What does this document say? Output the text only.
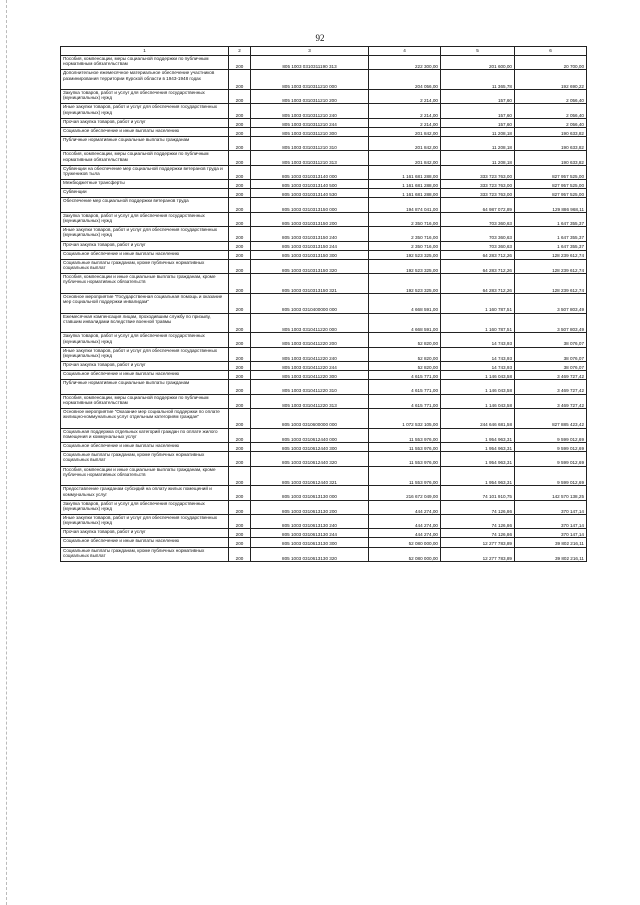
92
1	2	3	4	5	6
Пособия, компенсации, меры социальной поддержки по публичным нормативным обязательствам	200	805 1003 0310311190 313	222 300,00	201 600,00	20 700,00
Дополнительное ежемесячное материальное обеспечение участников разминирования территории Курской области в 1943-1948 годах	200	805 1003 0310311210 000	204 056,00	11 365,78	192 690,22
Закупка товаров, работ и услуг для обеспечения государственных (муниципальных) нужд	200	805 1003 0310311210 200	2 214,00	157,60	2 056,40
Иные закупки товаров, работ и услуг для обеспечения государственных (муниципальных) нужд	200	805 1003 0310311210 240	2 214,00	157,60	2 056,40
Прочая закупка товаров, работ и услуг	200	805 1003 0310311210 244	2 214,00	157,60	2 056,40
Социальное обеспечение и иные выплаты населению	200	805 1003 0310311210 300	201 842,00	11 208,18	190 633,82
Публичные нормативные социальные выплаты гражданам	200	805 1003 0310311210 310	201 842,00	11 208,18	190 633,82
Пособия, компенсации, меры социальной поддержки по публичным нормативным обязательствам	200	805 1003 0310311210 313	201 842,00	11 208,18	190 633,82
Субвенции на обеспечение мер социальной поддержки ветеранов труда и тружеников тыла	200	805 1003 0310313140 000	1 161 681 288,00	333 723 763,00	827 957 525,00
Межбюджетные трансферты	200	805 1003 0310313140 500	1 161 681 288,00	333 723 763,00	827 957 525,00
Субвенции	200	805 1003 0310313140 530	1 161 681 288,00	333 723 763,00	827 957 525,00
Обеспечение мер социальной поддержки ветеранов труда	200	805 1003 0310313150 000	194 874 041,00	64 987 072,89	129 886 968,11
Закупка товаров, работ и услуг для обеспечения государственных (муниципальных) нужд	200	805 1003 0310313150 200	2 350 716,00	703 360,63	1 647 355,37
Иные закупки товаров, работ и услуг для обеспечения государственных (муниципальных) нужд	200	805 1003 0310313150 240	2 350 716,00	703 360,63	1 647 355,37
Прочая закупка товаров, работ и услуг	200	805 1003 0310313150 244	2 350 716,00	703 360,63	1 647 355,37
Социальное обеспечение и иные выплаты населению	200	805 1003 0310313150 300	192 523 325,00	64 283 712,26	128 239 612,74
Социальные выплаты гражданам, кроме публичных нормативных социальных выплат	200	805 1003 0310313150 320	192 523 325,00	64 283 712,26	128 239 612,74
Пособия, компенсации и иные социальные выплаты гражданам, кроме публичных нормативных обязательств	200	805 1003 0310313150 321	192 523 325,00	64 283 712,26	128 239 612,74
Основное мероприятие "Государственная социальная помощь и оказание мер социальной поддержки инвалидам"	200	805 1003 0310400000 000	4 668 591,00	1 160 787,51	3 507 803,49
Ежемесячная компенсация лицам, проходившим службу по призыву, ставшим инвалидами вследствие военной травмы	200	805 1003 0310411220 000	4 668 591,00	1 160 787,51	3 507 803,49
Закупка товаров, работ и услуг для обеспечения государственных (муниципальных) нужд	200	805 1003 0310411220 200	52 820,00	14 743,93	38 076,07
Иные закупки товаров, работ и услуг для обеспечения государственных (муниципальных) нужд	200	805 1003 0310411220 240	52 820,00	14 743,93	38 076,07
Прочая закупка товаров, работ и услуг	200	805 1003 0310411220 244	52 820,00	14 743,93	38 076,07
Социальное обеспечение и иные выплаты населению	200	805 1003 0310411220 300	4 615 771,00	1 146 043,58	3 469 727,42
Публичные нормативные социальные выплаты гражданам	200	805 1003 0310411220 310	4 615 771,00	1 146 043,58	3 469 727,42
Пособия, компенсации, меры социальной поддержки по публичным нормативным обязательствам	200	805 1003 0310411220 313	4 615 771,00	1 146 043,58	3 469 727,42
Основное мероприятие "Оказание мер социальной поддержки по оплате жилищно-коммунальных услуг отдельным категориям граждан"	200	805 1003 0310600000 000	1 072 532 105,00	244 646 681,58	827 885 423,42
Социальная поддержка отдельных категорий граждан по оплате жилого помещения и коммунальных услуг	200	805 1003 0310612440 000	11 553 976,00	1 954 963,31	9 599 012,69
Социальное обеспечение и иные выплаты населению	200	805 1003 0310612440 300	11 553 976,00	1 954 963,31	9 599 012,69
Социальные выплаты гражданам, кроме публичных нормативных социальных выплат	200	805 1003 0310612440 320	11 553 976,00	1 954 963,31	9 599 012,69
Пособия, компенсации и иные социальные выплаты гражданам, кроме публичных нормативных обязательств	200	805 1003 0310612440 321	11 553 976,00	1 954 963,31	9 599 012,69
Предоставление гражданам субсидий на оплату жилых помещений и коммунальных услуг	200	805 1003 0310613130 000	216 672 049,00	74 101 910,75	142 570 138,25
Закупка товаров, работ и услуг для обеспечения государственных (муниципальных) нужд	200	805 1003 0310613130 200	444 274,00	74 126,86	370 147,14
Иные закупки товаров, работ и услуг для обеспечения государственных (муниципальных) нужд	200	805 1003 0310613130 240	444 274,00	74 126,86	370 147,14
Прочая закупка товаров, работ и услуг	200	805 1003 0310613130 244	444 274,00	74 126,86	370 147,14
Социальное обеспечение и иные выплаты населению	200	805 1003 0310613130 300	52 080 000,00	12 277 783,89	39 802 216,11
Социальные выплаты гражданам, кроме публичных нормативных социальных выплат	200	805 1003 0310613130 320	52 080 000,00	12 277 783,89	39 802 216,11
